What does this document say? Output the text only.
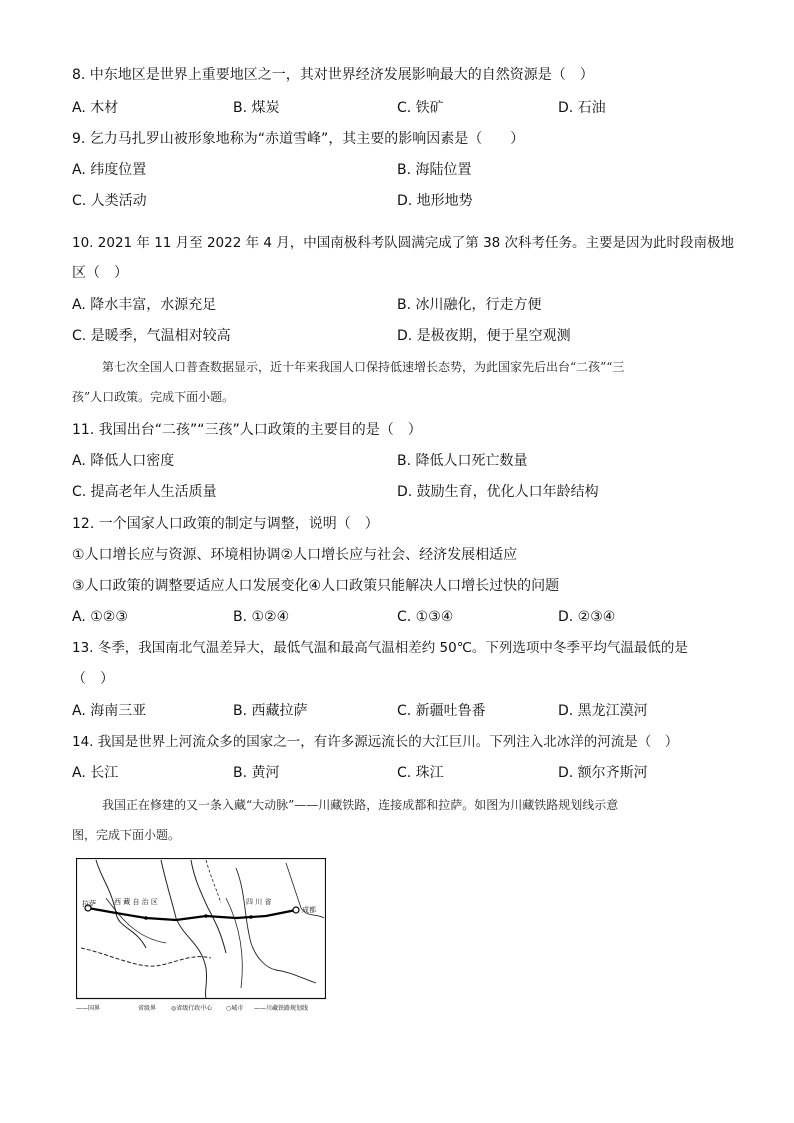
8. 中东地区是世界上重要地区之一，其对世界经济发展影响最大的自然资源是（　）
A. 木材	B. 煤炭	C. 铁矿	D. 石油
9. 乞力马扎罗山被形象地称为“赤道雪峰”，其主要的影响因素是（　　）
A. 纬度位置	B. 海陆位置
C. 人类活动	D. 地形地势
10. 2021 年 11 月至 2022 年 4 月，中国南极科考队圆满完成了第 38 次科考任务。主要是因为此时段南极地
区（　）
A. 降水丰富，水源充足	B. 冰川融化，行走方便
C. 是暖季，气温相对较高	D. 是极夜期，便于星空观测
第七次全国人口普查数据显示，近十年来我国人口保持低速增长态势，为此国家先后出台“二孩”“三
孩”人口政策。完成下面小题。
11. 我国出台“二孩”“三孩”人口政策的主要目的是（　）
A. 降低人口密度	B. 降低人口死亡数量
C. 提高老年人生活质量	D. 鼓励生育，优化人口年龄结构
12. 一个国家人口政策的制定与调整，说明（　）
①人口增长应与资源、环境相协调②人口增长应与社会、经济发展相适应
③人口政策的调整要适应人口发展变化④人口政策只能解决人口增长过快的问题
A. ①②③	B. ①②④	C. ①③④	D. ②③④
13. 冬季，我国南北气温差异大，最低气温和最高气温相差约 50℃。下列选项中冬季平均气温最低的是
（　）
A. 海南三亚	B. 西藏拉萨	C. 新疆吐鲁番	D. 黑龙江漠河
14. 我国是世界上河流众多的国家之一，有许多源远流长的大江巨川。下列注入北冰洋的河流是（　）
A. 长江	B. 黄河	C. 珠江	D. 额尔齐斯河
我国正在修建的又一条入藏“大动脉”——川藏铁路，连接成都和拉萨。如图为川藏铁路规划线示意
图，完成下面小题。
拉萨	西 藏 自 治 区	四 川 省
成都
——国界	省级界 ◎省级行政中心 ○城市 ——川藏铁路规划线
